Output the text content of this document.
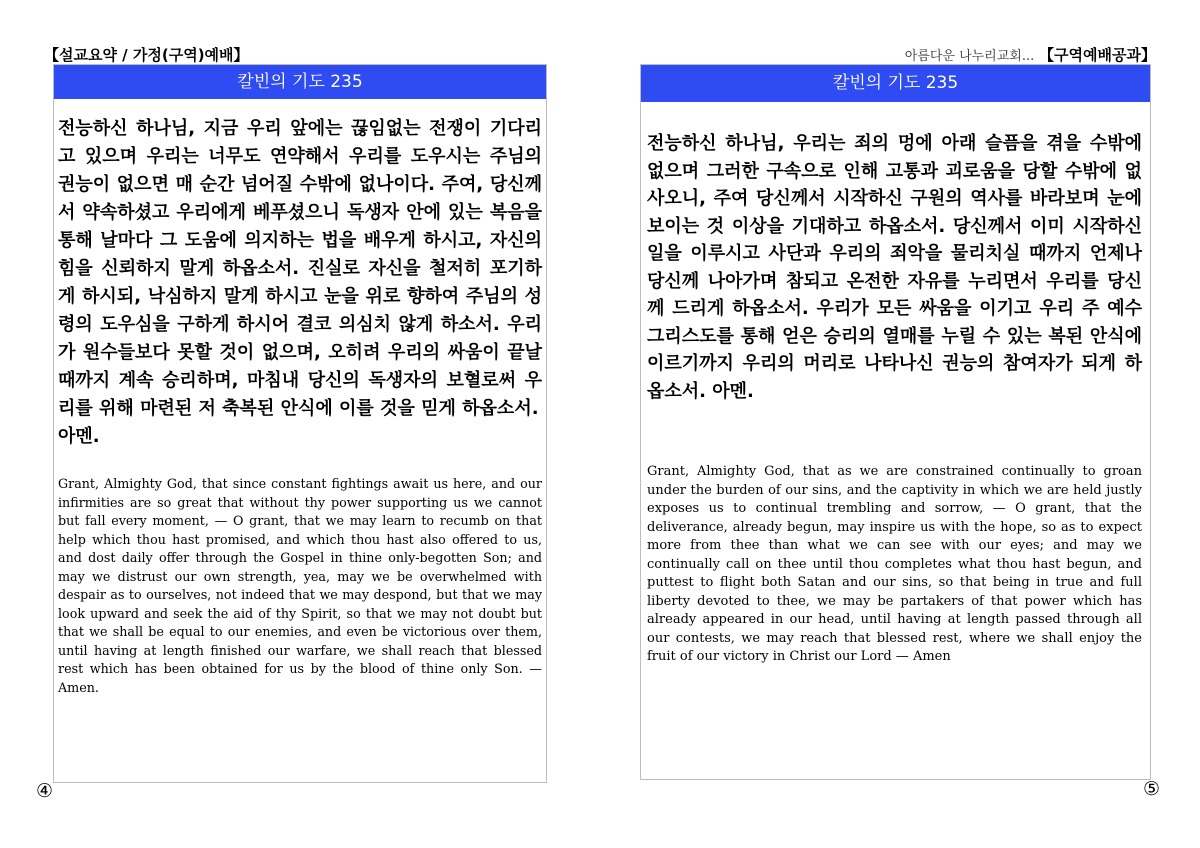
【설교요약 / 가정(구역)예배】	아름다운 나누리교회... 【구역예배공과】
칼빈의 기도 235
전능하신 하나님, 지금 우리 앞에는 끊임없는 전쟁이 기다리고 있으며 우리는 너무도 연약해서 우리를 도우시는 주님의 권능이 없으면 매 순간 넘어질 수밖에 없나이다. 주여, 당신께서 약속하셨고 우리에게 베푸셨으니 독생자 안에 있는 복음을 통해 날마다 그 도움에 의지하는 법을 배우게 하시고, 자신의 힘을 신뢰하지 말게 하옵소서. 진실로 자신을 철저히 포기하게 하시되, 낙심하지 말게 하시고 눈을 위로 향하여 주님의 성령의 도우심을 구하게 하시어 결코 의심치 않게 하소서. 우리가 원수들보다 못할 것이 없으며, 오히려 우리의 싸움이 끝날 때까지 계속 승리하며, 마침내 당신의 독생자의 보혈로써 우리를 위해 마련된 저 축복된 안식에 이를 것을 믿게 하옵소서.
아멘.
Grant, Almighty God, that since constant fightings await us here, and our infirmities are so great that without thy power supporting us we cannot but fall every moment, — O grant, that we may learn to recumb on that help which thou hast promised, and which thou hast also offered to us, and dost daily offer through the Gospel in thine only-begotten Son; and may we distrust our own strength, yea, may we be overwhelmed with despair as to ourselves, not indeed that we may despond, but that we may look upward and seek the aid of thy Spirit, so that we may not doubt but that we shall be equal to our enemies, and even be victorious over them, until having at length finished our warfare, we shall reach that blessed rest which has been obtained for us by the blood of thine only Son. — Amen.
④
칼빈의 기도 235
전능하신 하나님, 우리는 죄의 멍에 아래 슬픔을 겪을 수밖에 없으며 그러한 구속으로 인해 고통과 괴로움을 당할 수밖에 없사오니, 주여 당신께서 시작하신 구원의 역사를 바라보며 눈에 보이는 것 이상을 기대하고 하옵소서. 당신께서 이미 시작하신 일을 이루시고 사단과 우리의 죄악을 물리치실 때까지 언제나 당신께 나아가며 참되고 온전한 자유를 누리면서 우리를 당신께 드리게 하옵소서. 우리가 모든 싸움을 이기고 우리 주 예수 그리스도를 통해 얻은 승리의 열매를 누릴 수 있는 복된 안식에 이르기까지 우리의 머리로 나타나신 권능의 참여자가 되게 하옵소서. 아멘.
Grant, Almighty God, that as we are constrained continually to groan under the burden of our sins, and the captivity in which we are held justly exposes us to continual trembling and sorrow, — O grant, that the deliverance, already begun, may inspire us with the hope, so as to expect more from thee than what we can see with our eyes; and may we continually call on thee until thou completes what thou hast begun, and puttest to flight both Satan and our sins, so that being in true and full liberty devoted to thee, we may be partakers of that power which has already appeared in our head, until having at length passed through all our contests, we may reach that blessed rest, where we shall enjoy the fruit of our victory in Christ our Lord — Amen
⑤
